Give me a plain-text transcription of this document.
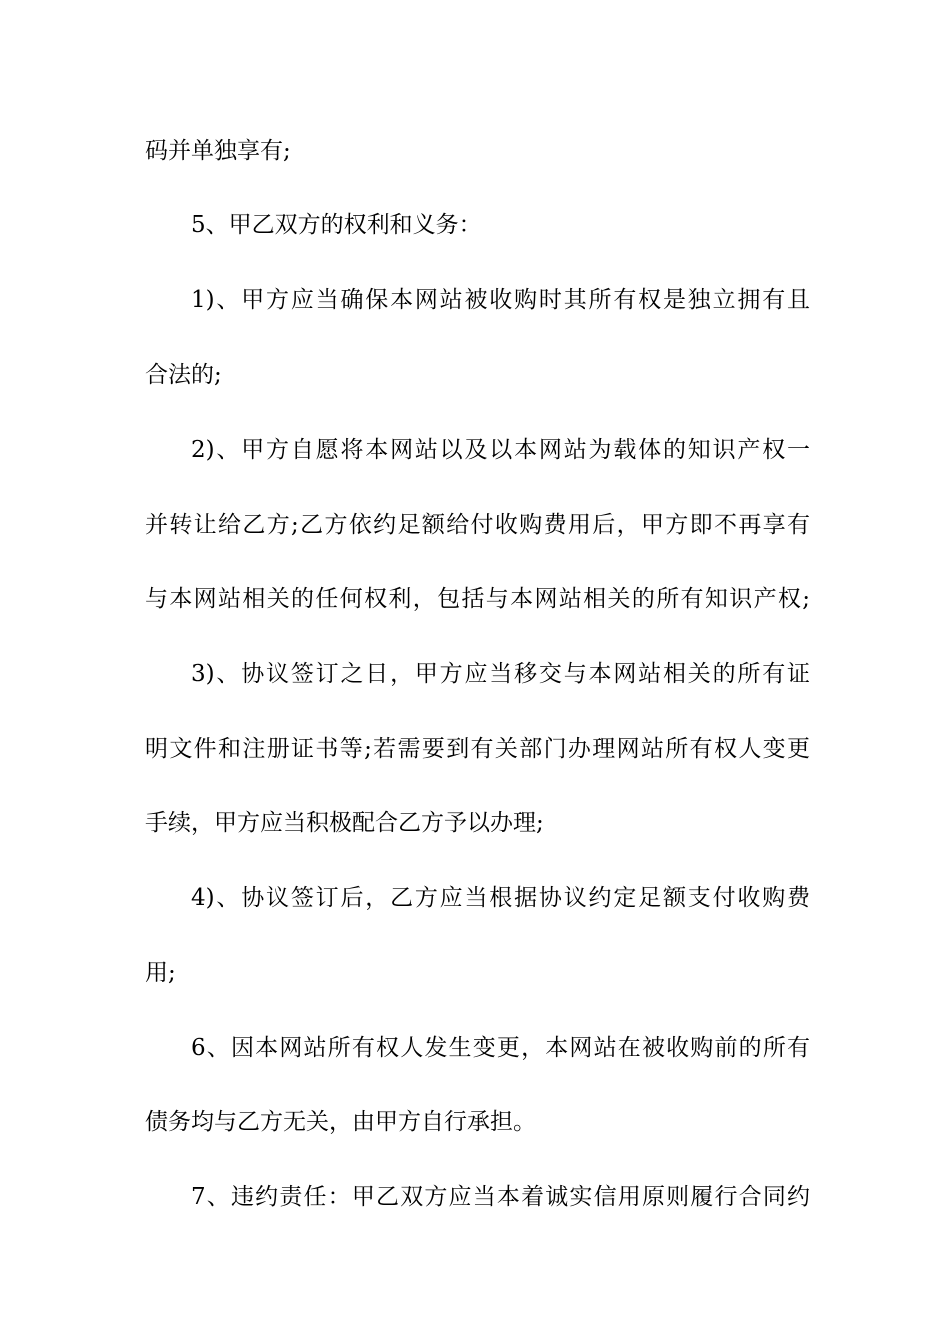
码并单独享有;
5、甲乙双方的权利和义务：
1)、甲方应当确保本网站被收购时其所有权是独立拥有且
合法的;
2)、甲方自愿将本网站以及以本网站为载体的知识产权一
并转让给乙方;乙方依约足额给付收购费用后，甲方即不再享有
与本网站相关的任何权利，包括与本网站相关的所有知识产权;
3)、协议签订之日，甲方应当移交与本网站相关的所有证
明文件和注册证书等;若需要到有关部门办理网站所有权人变更
手续，甲方应当积极配合乙方予以办理;
4)、协议签订后，乙方应当根据协议约定足额支付收购费
用;
6、因本网站所有权人发生变更，本网站在被收购前的所有
债务均与乙方无关，由甲方自行承担。
7、违约责任：甲乙双方应当本着诚实信用原则履行合同约
